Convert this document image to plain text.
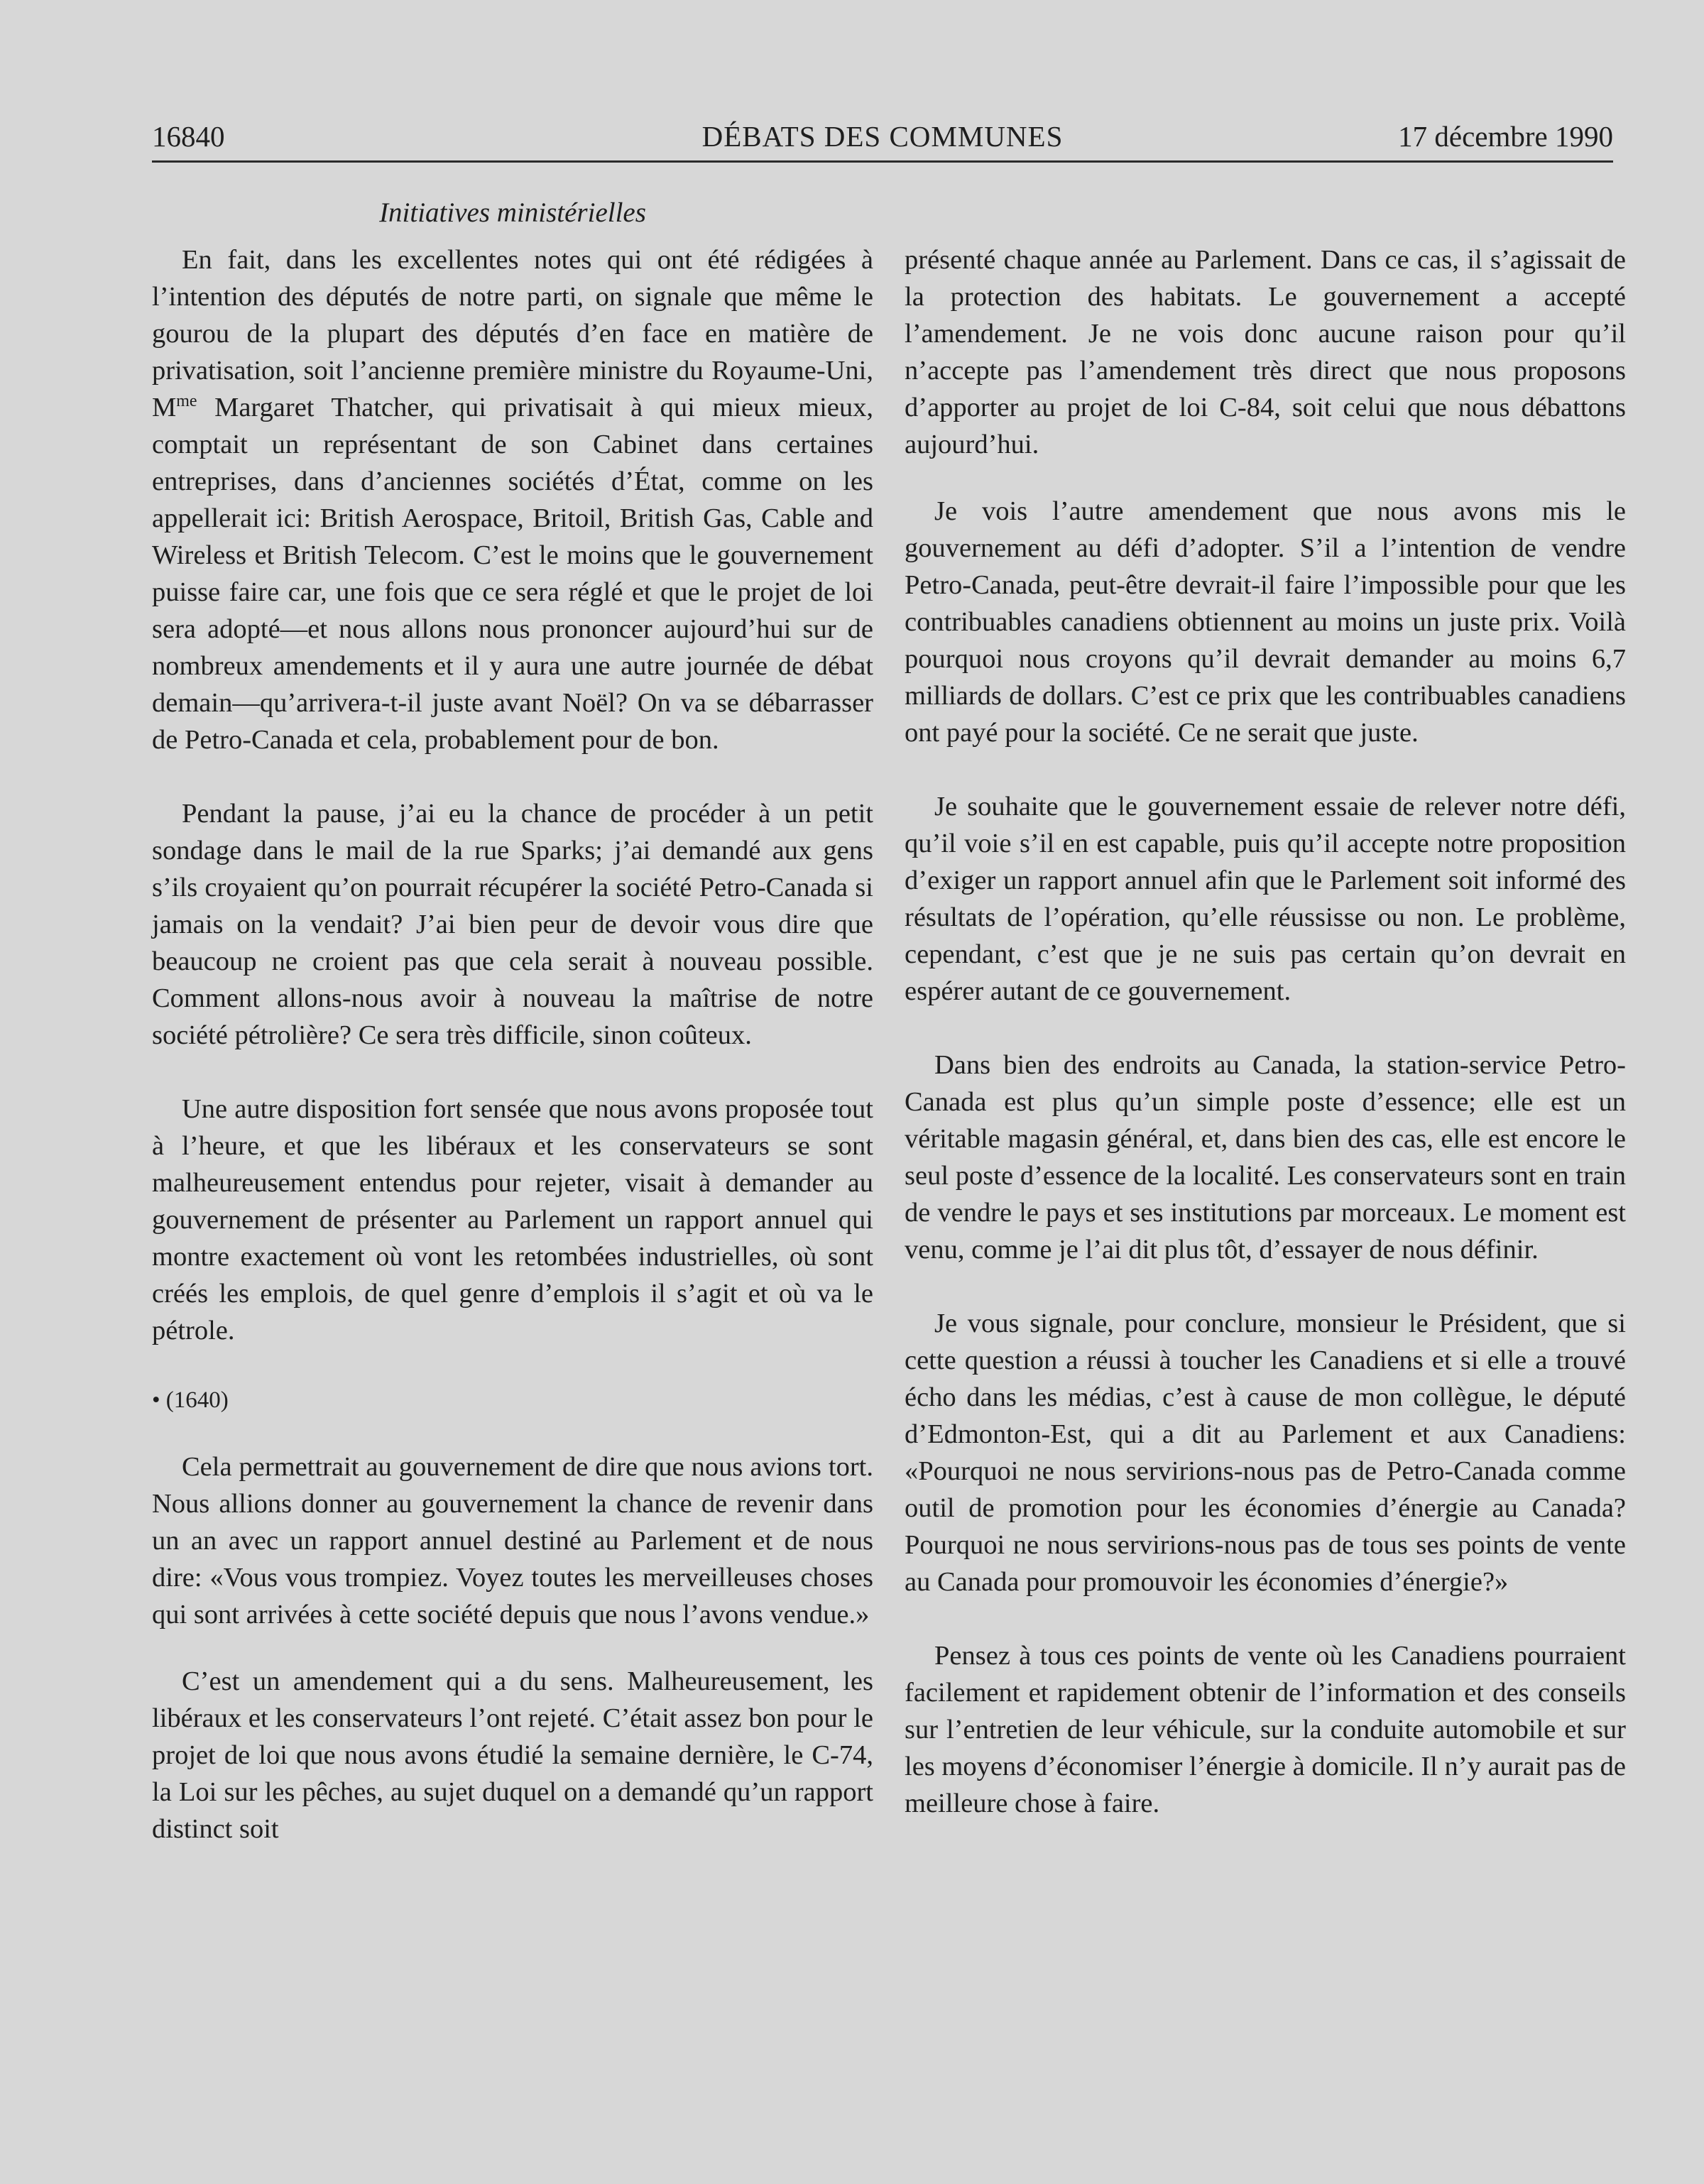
16840	DÉBATS DES COMMUNES	17 décembre 1990
Initiatives ministérielles

En fait, dans les excellentes notes qui ont été rédigées à l’intention des députés de notre parti, on signale que même le gourou de la plupart des députés d’en face en matière de privatisation, soit l’ancienne première ministre du Royaume-Uni, $M^{me}$ Margaret Thatcher, qui privatisait à qui mieux mieux, comptait un représentant de son Cabinet dans certaines entreprises, dans d’anciennes sociétés d’État, comme on les appellerait ici: British Aerospace, Britoil, British Gas, Cable and Wireless et British Telecom. C’est le moins que le gouvernement puisse faire car, une fois que ce sera réglé et que le projet de loi sera adopté—et nous allons nous prononcer aujourd’hui sur de nombreux amendements et il y aura une autre journée de débat demain—qu’arrivera-t-il juste avant Noël? On va se débarrasser de Petro-Canada et cela, probablement pour de bon.

Pendant la pause, j’ai eu la chance de procéder à un petit sondage dans le mail de la rue Sparks; j’ai demandé aux gens s’ils croyaient qu’on pourrait récupérer la société Petro-Canada si jamais on la vendait? J’ai bien peur de devoir vous dire que beaucoup ne croient pas que cela serait à nouveau possible. Comment allons-nous avoir à nouveau la maîtrise de notre société pétrolière? Ce sera très difficile, sinon coûteux.

Une autre disposition fort sensée que nous avons proposée tout à l’heure, et que les libéraux et les conservateurs se sont malheureusement entendus pour rejeter, visait à demander au gouvernement de présenter au Parlement un rapport annuel qui montre exactement où vont les retombées industrielles, où sont créés les emplois, de quel genre d’emplois il s’agit et où va le pétrole.

• (1640)

Cela permettrait au gouvernement de dire que nous avions tort. Nous allions donner au gouvernement la chance de revenir dans un an avec un rapport annuel destiné au Parlement et de nous dire: «Vous vous trompiez. Voyez toutes les merveilleuses choses qui sont arrivées à cette société depuis que nous l’avons vendue.»

C’est un amendement qui a du sens. Malheureusement, les libéraux et les conservateurs l’ont rejeté. C’était assez bon pour le projet de loi que nous avons étudié la semaine dernière, le C-74, la Loi sur les pêches, au sujet duquel on a demandé qu’un rapport distinct soit

présenté chaque année au Parlement. Dans ce cas, il s’agissait de la protection des habitats. Le gouvernement a accepté l’amendement. Je ne vois donc aucune raison pour qu’il n’accepte pas l’amendement très direct que nous proposons d’apporter au projet de loi C-84, soit celui que nous débattons aujourd’hui.

Je vois l’autre amendement que nous avons mis le gouvernement au défi d’adopter. S’il a l’intention de vendre Petro-Canada, peut-être devrait-il faire l’impossible pour que les contribuables canadiens obtiennent au moins un juste prix. Voilà pourquoi nous croyons qu’il devrait demander au moins 6,7 milliards de dollars. C’est ce prix que les contribuables canadiens ont payé pour la société. Ce ne serait que juste.

Je souhaite que le gouvernement essaie de relever notre défi, qu’il voie s’il en est capable, puis qu’il accepte notre proposition d’exiger un rapport annuel afin que le Parlement soit informé des résultats de l’opération, qu’elle réussisse ou non. Le problème, cependant, c’est que je ne suis pas certain qu’on devrait en espérer autant de ce gouvernement.

Dans bien des endroits au Canada, la station-service Petro-Canada est plus qu’un simple poste d’essence; elle est un véritable magasin général, et, dans bien des cas, elle est encore le seul poste d’essence de la localité. Les conservateurs sont en train de vendre le pays et ses institutions par morceaux. Le moment est venu, comme je l’ai dit plus tôt, d’essayer de nous définir.

Je vous signale, pour conclure, monsieur le Président, que si cette question a réussi à toucher les Canadiens et si elle a trouvé écho dans les médias, c’est à cause de mon collègue, le député d’Edmonton-Est, qui a dit au Parlement et aux Canadiens: «Pourquoi ne nous servirions-nous pas de Petro-Canada comme outil de promotion pour les économies d’énergie au Canada? Pourquoi ne nous servirions-nous pas de tous ses points de vente au Canada pour promouvoir les économies d’énergie?»

Pensez à tous ces points de vente où les Canadiens pourraient facilement et rapidement obtenir de l’information et des conseils sur l’entretien de leur véhicule, sur la conduite automobile et sur les moyens d’économiser l’énergie à domicile. Il n’y aurait pas de meilleure chose à faire.
